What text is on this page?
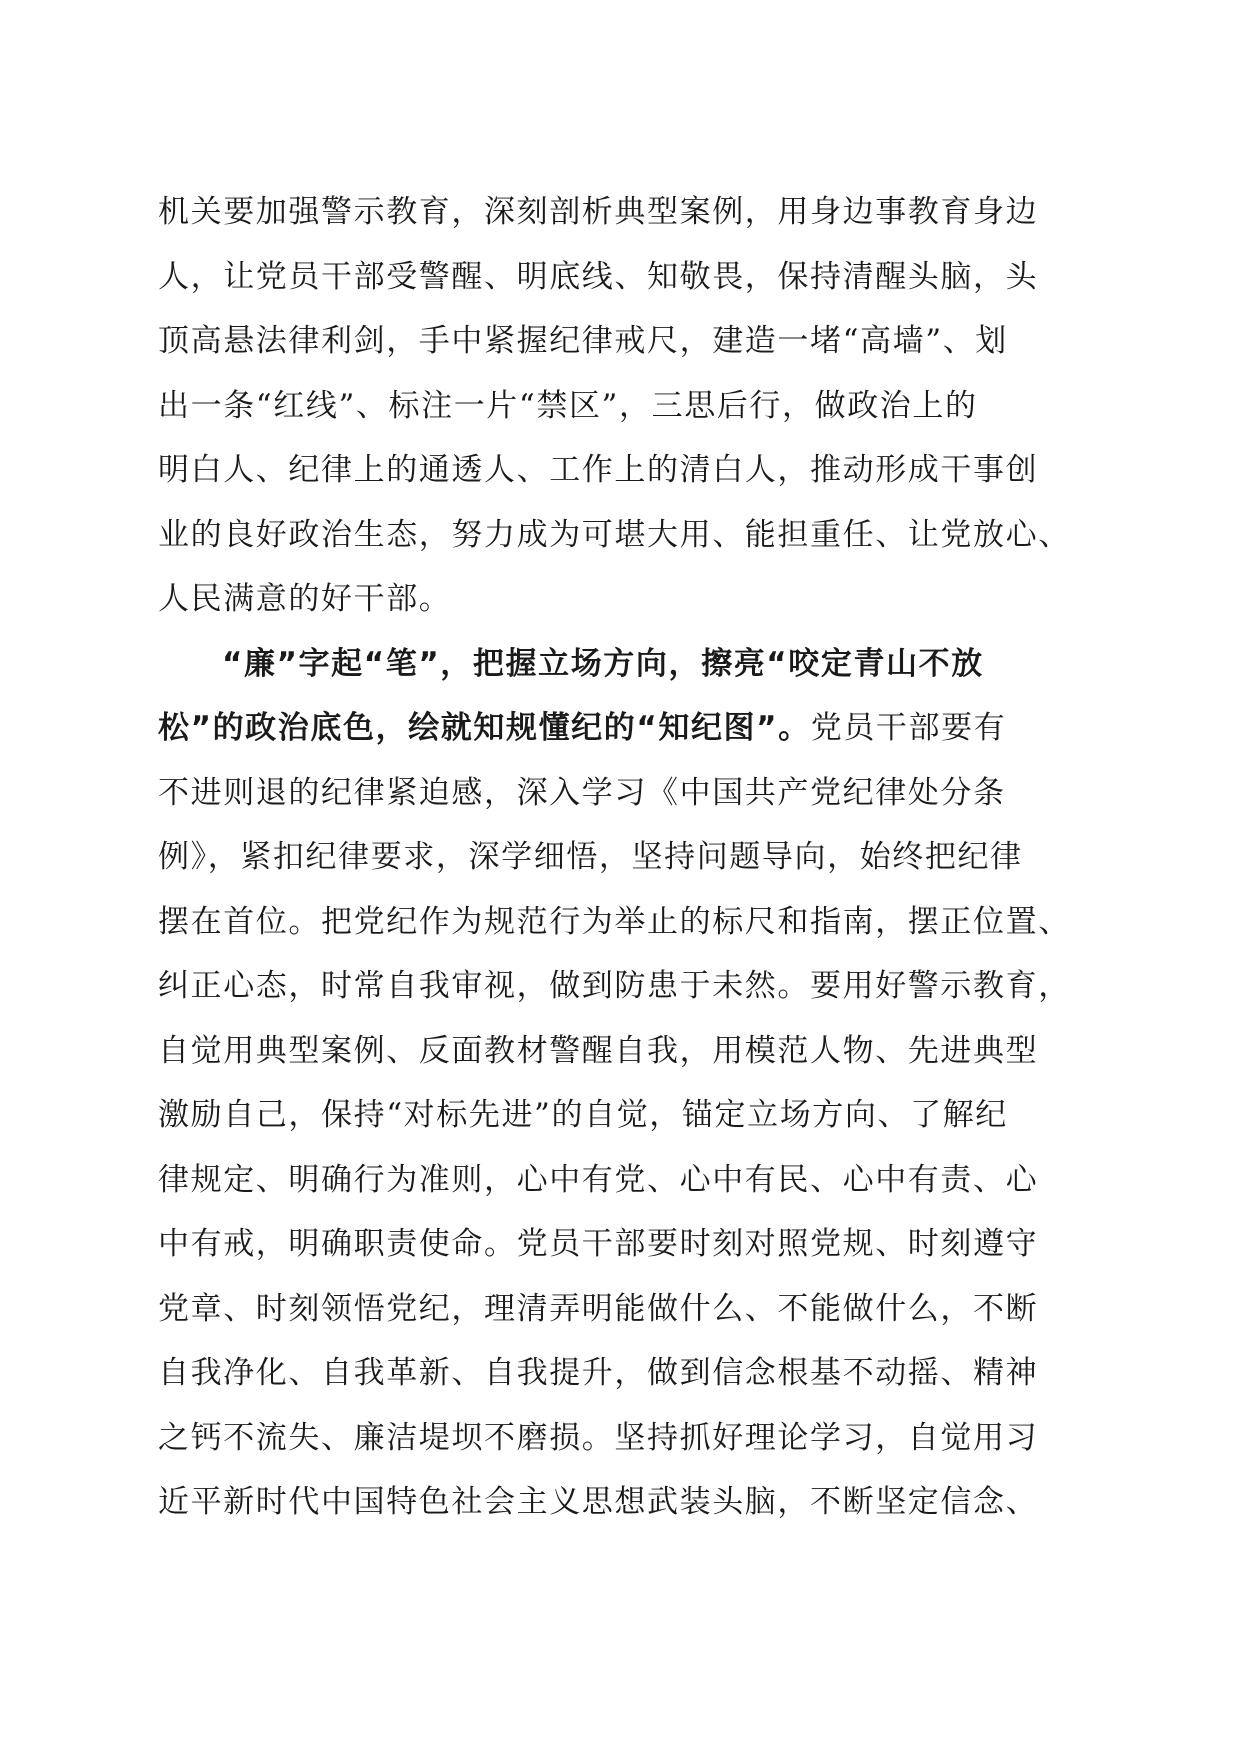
机关要加强警示教育，深刻剖析典型案例，用身边事教育身边
人，让党员干部受警醒、明底线、知敬畏，保持清醒头脑，头
顶高悬法律利剑，手中紧握纪律戒尺，建造一堵“高墙”、划
出一条“红线”、标注一片“禁区”，三思后行，做政治上的
明白人、纪律上的通透人、工作上的清白人，推动形成干事创
业的良好政治生态，努力成为可堪大用、能担重任、让党放心、
人民满意的好干部。
“廉”字起“笔”，把握立场方向，擦亮“咬定青山不放
松”的政治底色，绘就知规懂纪的“知纪图”。党员干部要有
不进则退的纪律紧迫感，深入学习《中国共产党纪律处分条
例》，紧扣纪律要求，深学细悟，坚持问题导向，始终把纪律
摆在首位。把党纪作为规范行为举止的标尺和指南，摆正位置、
纠正心态，时常自我审视，做到防患于未然。要用好警示教育，
自觉用典型案例、反面教材警醒自我，用模范人物、先进典型
激励自己，保持“对标先进”的自觉，锚定立场方向、了解纪
律规定、明确行为准则，心中有党、心中有民、心中有责、心
中有戒，明确职责使命。党员干部要时刻对照党规、时刻遵守
党章、时刻领悟党纪，理清弄明能做什么、不能做什么，不断
自我净化、自我革新、自我提升，做到信念根基不动摇、精神
之钙不流失、廉洁堤坝不磨损。坚持抓好理论学习，自觉用习
近平新时代中国特色社会主义思想武装头脑，不断坚定信念、
